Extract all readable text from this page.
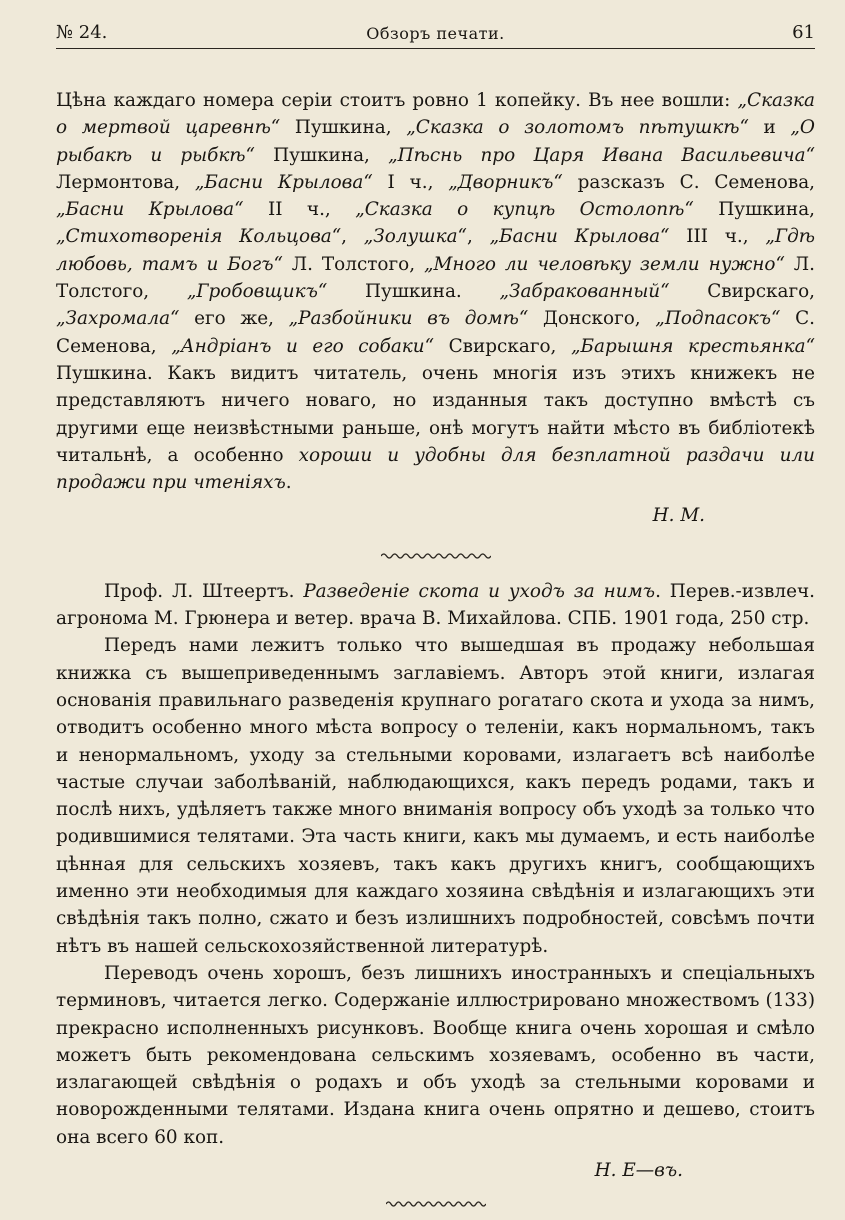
№ 24.	Обзоръ печати.	61

Цѣна каждаго номера серіи стоитъ ровно 1 копейку. Въ нее вошли: „Сказка о мертвой царевнѣ“ Пушкина, „Сказка о золотомъ пѣтушкѣ“ и „О рыбакѣ и рыбкѣ“ Пушкина, „Пѣснь про Царя Ивана Васильевича“ Лермонтова, „Басни Крылова“ I ч., „Дворникъ“ разсказъ С. Семенова, „Басни Крылова“ II ч., „Сказка о купцѣ Остолопѣ“ Пушкина, „Стихотворенія Кольцова“, „Золушка“, „Басни Крылова“ III ч., „Гдѣ любовь, тамъ и Богъ“ Л. Толстого, „Много ли человѣку земли нужно“ Л. Толстого, „Гробовщикъ“ Пушкина. „Забракованный“ Свирскаго, „Захромала“ его же, „Разбойники въ домѣ“ Донского, „Подпасокъ“ С. Семенова, „Андріанъ и его собаки“ Свирскаго, „Барышня крестьянка“ Пушкина. Какъ видитъ читатель, очень многія изъ этихъ книжекъ не представляютъ ничего новаго, но изданныя такъ доступно вмѣстѣ съ другими еще неизвѣстными раньше, онѣ могутъ найти мѣсто въ библіотекѣ читальнѣ, а особенно хороши и удобны для безплатной раздачи или продажи при чтеніяхъ.

Н. М.

Проф. Л. Штеертъ. Разведеніе скота и уходъ за нимъ. Перев.-извлеч. агронома М. Грюнера и ветер. врача В. Михайлова. СПБ. 1901 года, 250 стр.

Передъ нами лежитъ только что вышедшая въ продажу небольшая книжка съ вышеприведеннымъ заглавіемъ. Авторъ этой книги, излагая основанія правильнаго разведенія крупнаго рогатаго скота и ухода за нимъ, отводитъ особенно много мѣста вопросу о теленіи, какъ нормальномъ, такъ и ненормальномъ, уходу за стельными коровами, излагаетъ всѣ наиболѣе частые случаи заболѣваній, наблюдающихся, какъ передъ родами, такъ и послѣ нихъ, удѣляетъ также много вниманія вопросу объ уходѣ за только что родившимися телятами. Эта часть книги, какъ мы думаемъ, и есть наиболѣе цѣнная для сельскихъ хозяевъ, такъ какъ другихъ книгъ, сообщающихъ именно эти необходимыя для каждаго хозяина свѣдѣнія и излагающихъ эти свѣдѣнія такъ полно, сжато и безъ излишнихъ подробностей, совсѣмъ почти нѣтъ въ нашей сельскохозяйственной литературѣ.

Переводъ очень хорошъ, безъ лишнихъ иностранныхъ и спеціальныхъ терминовъ, читается легко. Содержаніе иллюстрировано множествомъ (133) прекрасно исполненныхъ рисунковъ. Вообще книга очень хорошая и смѣло можетъ быть рекомендована сельскимъ хозяевамъ, особенно въ части, излагающей свѣдѣнія о родахъ и объ уходѣ за стельными коровами и новорожденными телятами. Издана книга очень опрятно и дешево, стоитъ она всего 60 коп.

Н. Е—въ.
